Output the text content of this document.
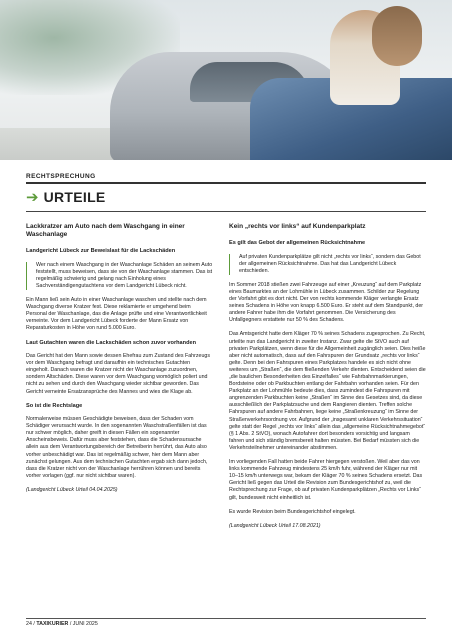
RECHTSPRECHUNG
➔ URTEILE
Lackkratzer am Auto nach dem Waschgang in einer Waschanlage
Landgericht Lübeck zur Beweislast für die Lackschäden

Wer nach einem Waschgang in der Waschanlage Schäden an seinem Auto feststellt, muss beweisen, dass sie von der Waschanlage stammen. Das ist regelmäßig schwierig und gelang nach Einholung eines Sachverständigengutachtens vor dem Landgericht Lübeck nicht.

Ein Mann ließ sein Auto in einer Waschanlage waschen und stellte nach dem Waschgang diverse Kratzer fest. Diese reklamierte er umgehend beim Personal der Waschanlage, das die Anlage prüfte und eine Verantwortlichkeit verneinte. Vor dem Landgericht Lübeck forderte der Mann Ersatz von Reparaturkosten in Höhe von rund 5.000 Euro.

Laut Gutachten waren die Lackschäden schon zuvor vorhanden

Das Gericht hat den Mann sowie dessen Ehefrau zum Zustand des Fahrzeugs vor dem Waschgang befragt und daraufhin ein technisches Gutachten eingeholt. Danach waren die Kratzer nicht der Waschanlage zuzuordnen, sondern Altschäden. Diese waren vor dem Waschgang womöglich poliert und nicht zu sehen und durch den Waschgang wieder sichtbar geworden. Das Gericht verneinte Ersatzansprüche des Mannes und wies die Klage ab.

So ist die Rechtslage

Normalerweise müssen Geschädigte beweisen, dass der Schaden vom Schädiger verursacht wurde. In den sogenannten Waschstraßenfällen ist das nur schwer möglich, daher greift in diesen Fällen ein sogenannter Anscheinsbeweis. Dafür muss aber feststehen, dass die Schadensursache allein aus dem Verantwortungsbereich der Betreiberin herrührt, das Auto also vorher unbeschädigt war. Das ist regelmäßig schwer, hier dem Mann aber zunächst gelungen. Aus dem technischen Gutachten ergab sich dann jedoch, dass die Kratzer nicht von der Waschanlage herrühren können und bereits vorher vorlagen (ggf. nur nicht sichtbar waren).

(Landgericht Lübeck Urteil 04.04.2025)

Kein „rechts vor links“ auf Kundenparkplatz
Es gilt das Gebot der allgemeinen Rücksichtnahme

Auf privaten Kundenparkplätze gilt nicht „rechts vor links“, sondern das Gebot der allgemeinen Rücksichtnahme. Das hat das Landgericht Lübeck entschieden.

Im Sommer 2018 stießen zwei Fahrzeuge auf einer „Kreuzung“ auf dem Parkplatz eines Baumarktes an der Lohmühle in Lübeck zusammen. Schilder zur Regelung der Vorfahrt gibt es dort nicht. Der von rechts kommende Kläger verlangte Ersatz seines Schadens in Höhe von knapp 6.500 Euro. Er steht auf dem Standpunkt, der andere Fahrer habe ihm die Vorfahrt genommen. Die Versicherung des Unfallgegners erstattete nur 50 % des Schadens.

Das Amtsgericht hatte dem Kläger 70 % seines Schadens zugesprochen. Zu Recht, urteilte nun das Landgericht in zweiter Instanz. Zwar gelte die StVO auch auf privaten Parkplätzen, wenn diese für die Allgemeinheit zugänglich seien. Dies heiße aber nicht automatisch, dass auf den Fahrspuren der Grundsatz „rechts vor links“ gelte. Denn bei den Fahrspuren eines Parkplatzes handele es sich nicht ohne weiteres um „Straßen“, die dem fließenden Verkehr dienten. Entscheidend seien die „die baulichen Besonderheiten des Einzelfalles“ wie Fahrbahnmarkierungen, Bordsteine oder ob Parkbuchten entlang der Fahrbahn vorhanden seien. Für den Parkplatz an der Lohmühle bedeute dies, dass zumindest die Fahrspuren mit angrenzenden Parkbuchten keine „Straßen“ im Sinne des Gesetzes sind, da diese ausschließlich der Parkplatzsuche und dem Rangieren dienten. Treffen solche Fahrspuren auf andere Fahrbahnen, liege keine „Straßenkreuzung“ im Sinne der Straßenverkehrsordnung vor. Aufgrund der „insgesamt unklaren Verkehrssituation“ gelte statt der Regel „rechts vor links“ allein das „allgemeine Rücksichtnahmegebot“ (§ 1 Abs. 2 StVO), wonach Autofahrer dort besonders vorsichtig und langsam fahren und sich ständig bremsbereit halten müssten. Bei Bedarf müssten sich die Verkehrsteilnehmer untereinander abstimmen.

Im vorliegenden Fall hatten beide Fahrer hiergegen verstoßen. Weil aber das von links kommende Fahrzeug mindestens 25 km/h fuhr, während der Kläger nur mit 10–15 km/h unterwegs war, bekam der Kläger 70 % seines Schadens ersetzt. Das Gericht ließ gegen das Urteil die Revision zum Bundesgerichtshof zu, weil die Rechtsprechung zur Frage, ob auf privaten Kundenparkplätzen „Rechts vor Links“ gilt, bundesweit nicht einheitlich ist.

Es wurde Revision beim Bundesgerichtshof eingelegt.

(Landgericht Lübeck Urteil 17.08.2021)

24 / TAXIKURIER / JUNI 2025
